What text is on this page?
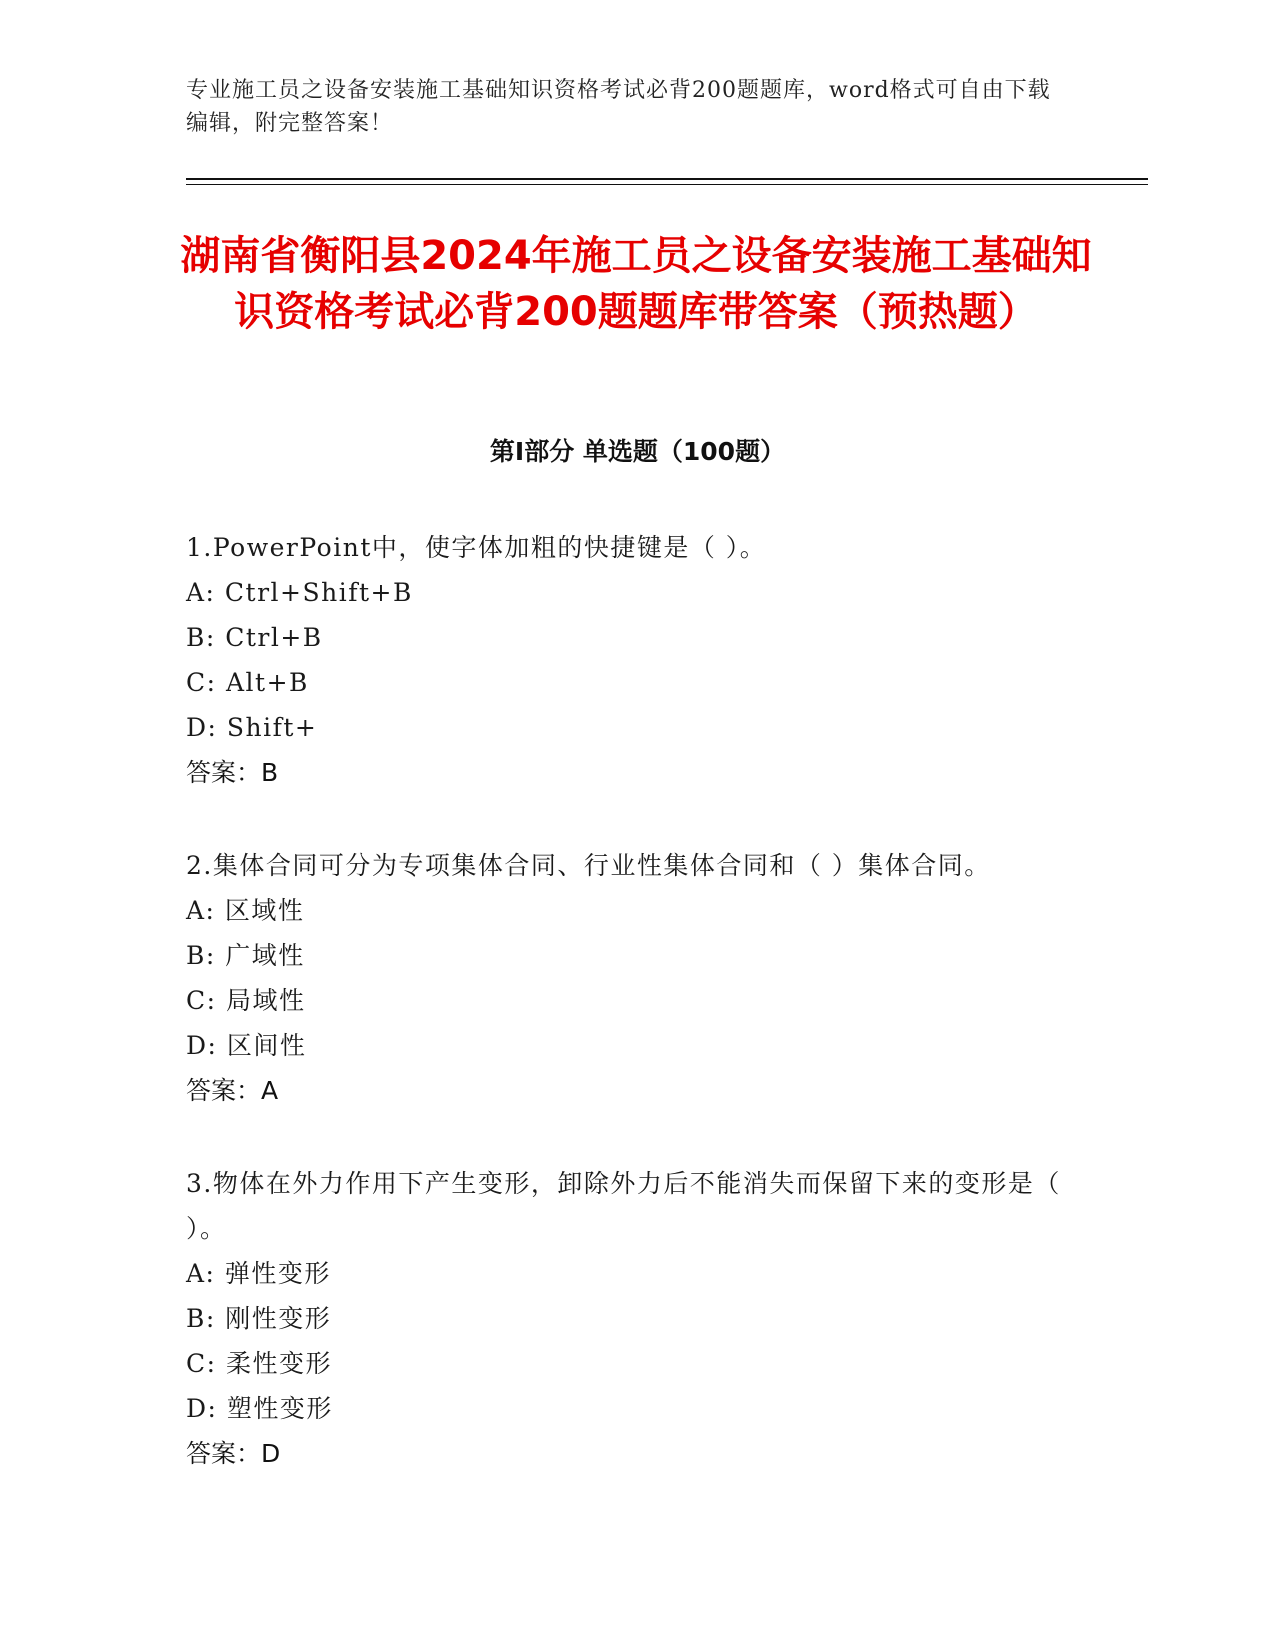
专业施工员之设备安装施工基础知识资格考试必背200题题库，word格式可自由下载编辑，附完整答案！
湖南省衡阳县2024年施工员之设备安装施工基础知识资格考试必背200题题库带答案（预热题）
第Ⅰ部分 单选题（100题）
1.PowerPoint中，使字体加粗的快捷键是（ ）。
A: Ctrl+Shift+B
B: Ctrl+B
C: Alt+B
D: Shift+
答案：B
2.集体合同可分为专项集体合同、行业性集体合同和（ ）集体合同。
A: 区域性
B: 广域性
C: 局域性
D: 区间性
答案：A
3.物体在外力作用下产生变形，卸除外力后不能消失而保留下来的变形是（ ）。
A: 弹性变形
B: 刚性变形
C: 柔性变形
D: 塑性变形
答案：D
